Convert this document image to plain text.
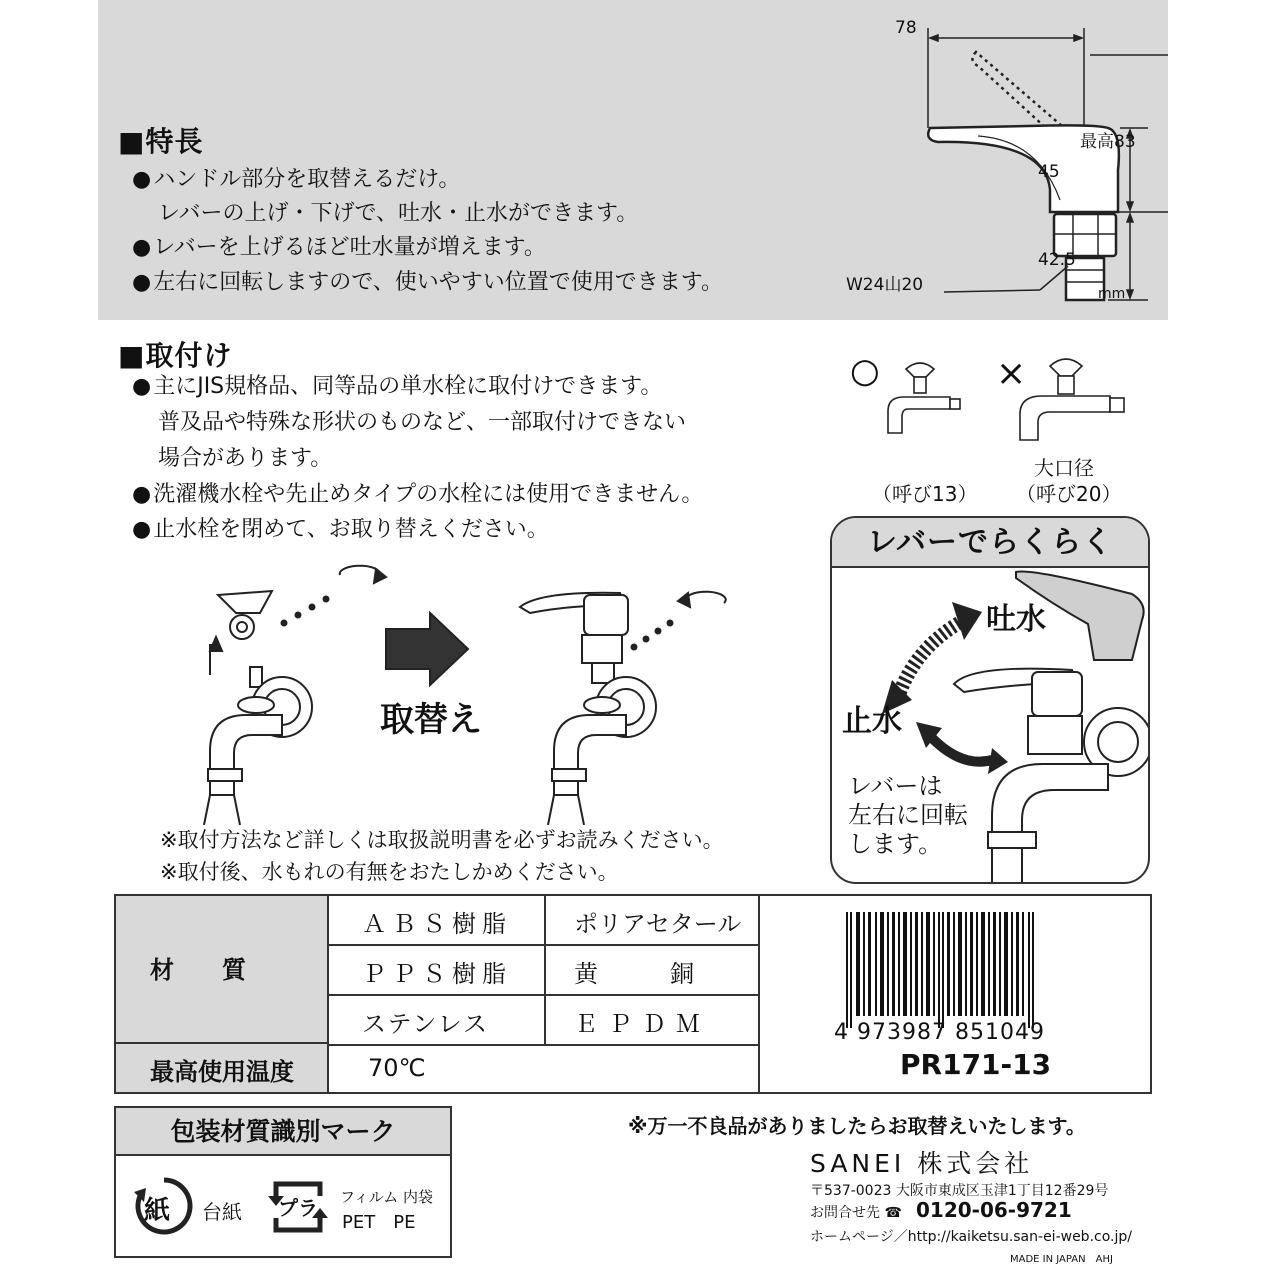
■特長
●ハンドル部分を取替えるだけ。
レバーの上げ・下げで、吐水・止水ができます。
●レバーを上げるほど吐水量が増えます。
●左右に回転しますので、使いやすい位置で使用できます。
78
最高83
45
42.5
W24山20	mm
■取付け
●主にJIS規格品、同等品の単水栓に取付けできます。
普及品や特殊な形状のものなど、一部取付けできない
場合があります。
●洗濯機水栓や先止めタイプの水栓には使用できません。
●止水栓を閉めて、お取り替えください。
○	×
（呼び13）
大口径
（呼び20）
取替え
※取付方法など詳しくは取扱説明書を必ずお読みください。
※取付後、水もれの有無をおたしかめください。
レバーでらくらく
吐水
止水
レバーは
左右に回転
します。
材　　質
最高使用温度
ＡＢＳ樹脂	ポリアセタール
ＰＰＳ樹脂	黄　　　銅
ステンレス	ＥＰＤＭ
70℃
4 973987 851049
PR171-13
包装材質識別マーク
紙 台紙 プラ フィルム 内袋
PET　PE
※万一不良品がありましたらお取替えいたします。
SANEI 株式会社
〒537-0023 大阪市東成区玉津1丁目12番29号
お問合せ先 ☎ 0120-06-9721
ホームページ／http://kaiketsu.san-ei-web.co.jp/
MADE IN JAPAN　AHJ
